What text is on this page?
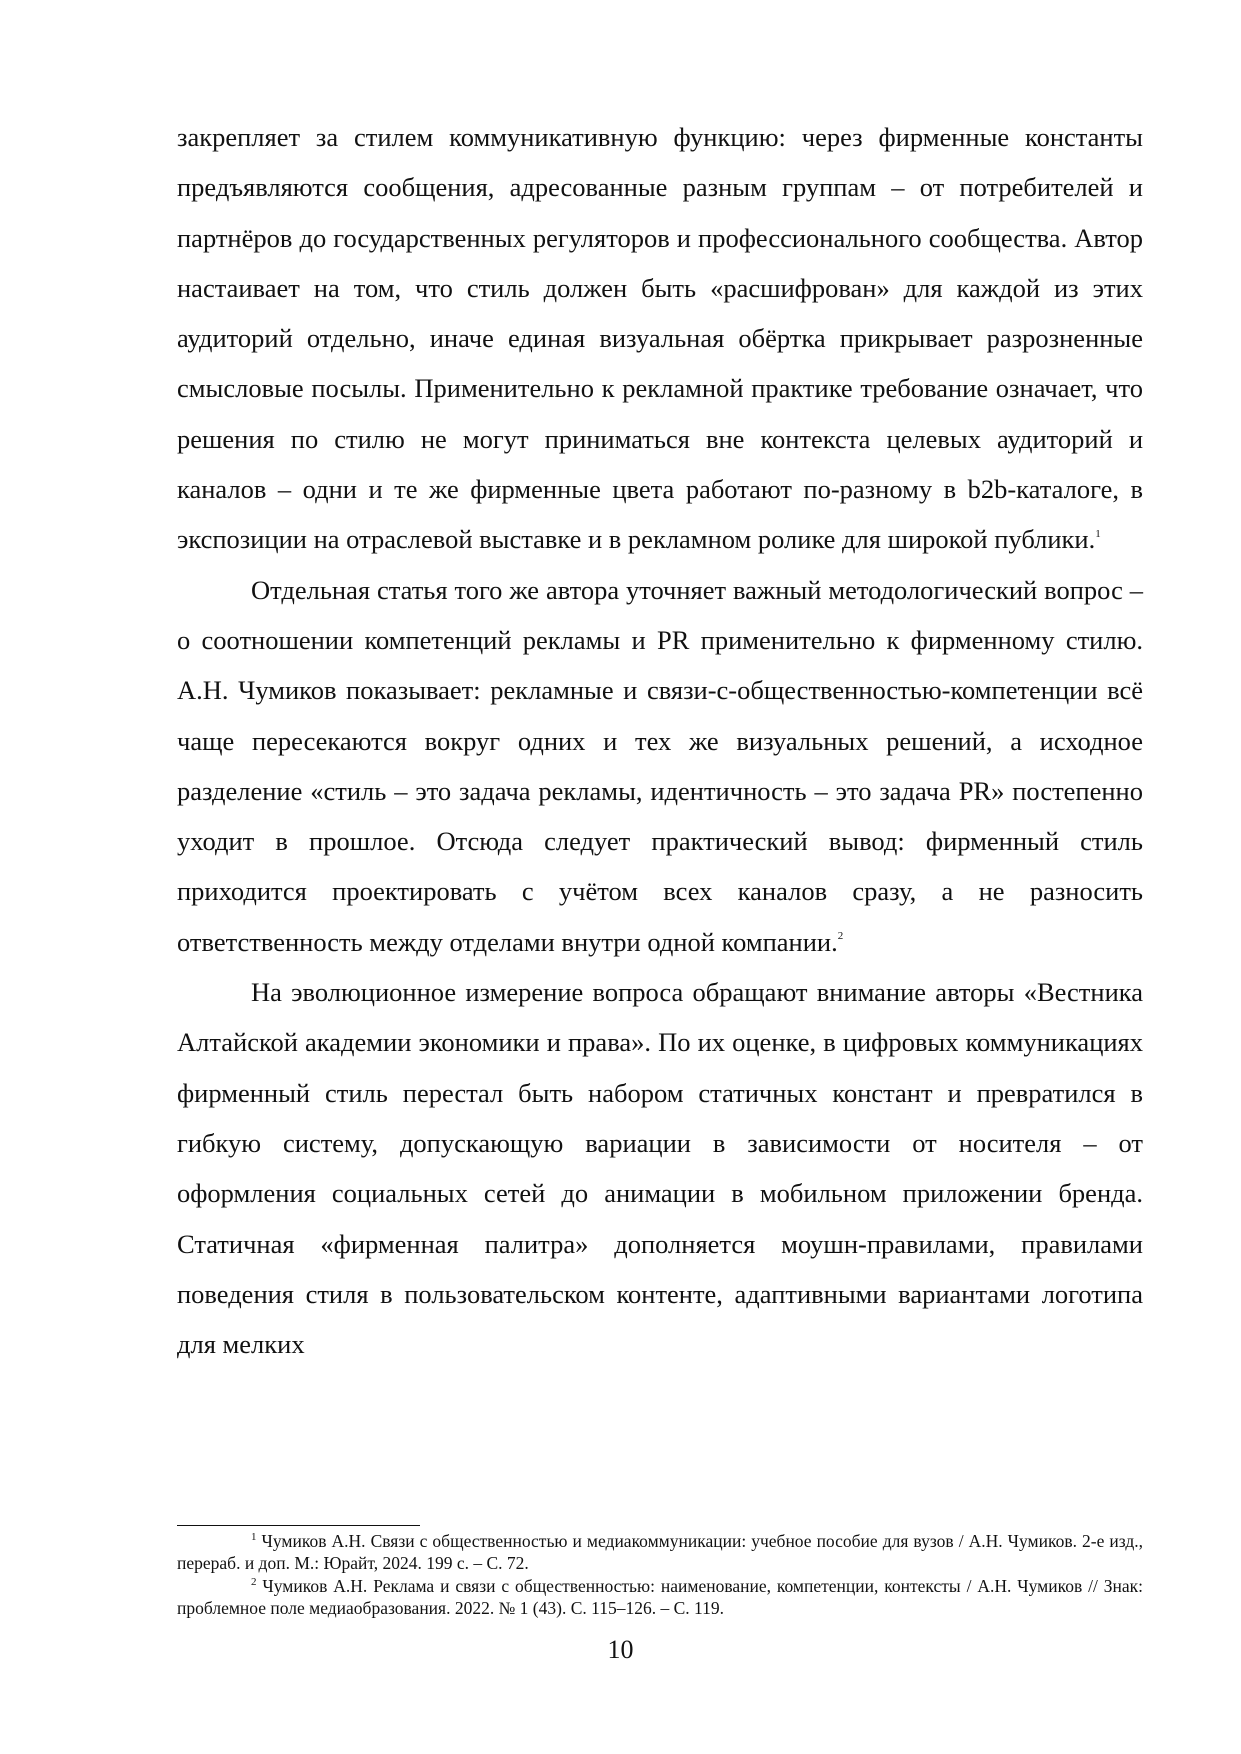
закрепляет за стилем коммуникативную функцию: через фирменные константы предъявляются сообщения, адресованные разным группам – от потребителей и партнёров до государственных регуляторов и профессионального сообщества. Автор настаивает на том, что стиль должен быть «расшифрован» для каждой из этих аудиторий отдельно, иначе единая визуальная обёртка прикрывает разрозненные смысловые посылы. Применительно к рекламной практике требование означает, что решения по стилю не могут приниматься вне контекста целевых аудиторий и каналов – одни и те же фирменные цвета работают по-разному в b2b-каталоге, в экспозиции на отраслевой выставке и в рекламном ролике для широкой публики.$^1$

Отдельная статья того же автора уточняет важный методологический вопрос – о соотношении компетенций рекламы и PR применительно к фирменному стилю. А.Н. Чумиков показывает: рекламные и связи-с-общественностью-компетенции всё чаще пересекаются вокруг одних и тех же визуальных решений, а исходное разделение «стиль – это задача рекламы, идентичность – это задача PR» постепенно уходит в прошлое. Отсюда следует практический вывод: фирменный стиль приходится проектировать с учётом всех каналов сразу, а не разносить ответственность между отделами внутри одной компании.$^2$

На эволюционное измерение вопроса обращают внимание авторы «Вестника Алтайской академии экономики и права». По их оценке, в цифровых коммуникациях фирменный стиль перестал быть набором статичных констант и превратился в гибкую систему, допускающую вариации в зависимости от носителя – от оформления социальных сетей до анимации в мобильном приложении бренда. Статичная «фирменная палитра» дополняется моушн-правилами, правилами поведения стиля в пользовательском контенте, адаптивными вариантами логотипа для мелких

$^1$ Чумиков А.Н. Связи с общественностью и медиакоммуникации: учебное пособие для вузов / А.Н. Чумиков. 2-е изд., перераб. и доп. М.: Юрайт, 2024. 199 с. – С. 72.

$^2$ Чумиков А.Н. Реклама и связи с общественностью: наименование, компетенции, контексты / А.Н. Чумиков // Знак: проблемное поле медиаобразования. 2022. № 1 (43). С. 115–126. – С. 119.

10
